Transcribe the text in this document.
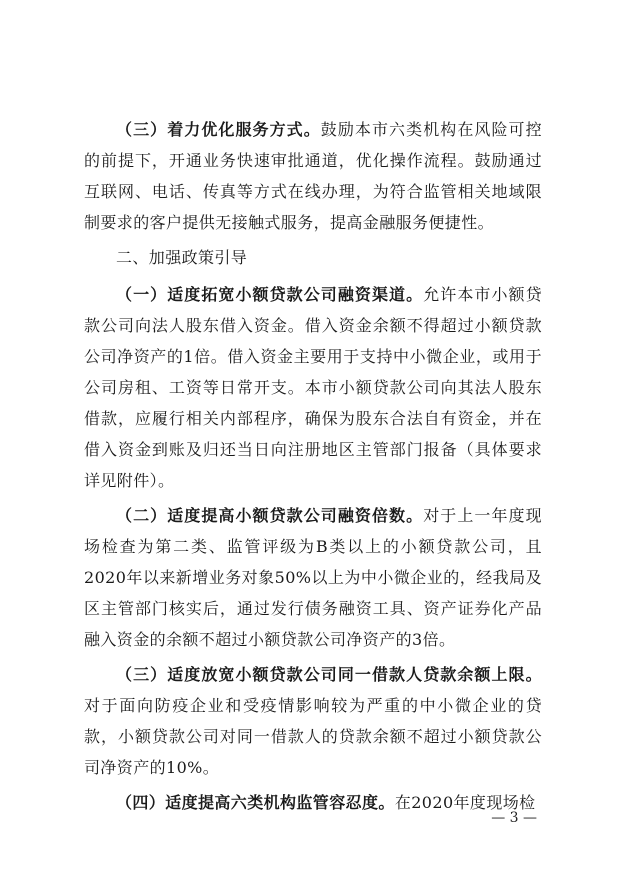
（三）着力优化服务方式。鼓励本市六类机构在风险可控的前提下，开通业务快速审批通道，优化操作流程。鼓励通过互联网、电话、传真等方式在线办理，为符合监管相关地域限制要求的客户提供无接触式服务，提高金融服务便捷性。

二、加强政策引导

（一）适度拓宽小额贷款公司融资渠道。允许本市小额贷款公司向法人股东借入资金。借入资金余额不得超过小额贷款公司净资产的1倍。借入资金主要用于支持中小微企业，或用于公司房租、工资等日常开支。本市小额贷款公司向其法人股东借款，应履行相关内部程序，确保为股东合法自有资金，并在借入资金到账及归还当日向注册地区主管部门报备（具体要求详见附件）。

（二）适度提高小额贷款公司融资倍数。对于上一年度现场检查为第二类、监管评级为B类以上的小额贷款公司，且2020年以来新增业务对象50%以上为中小微企业的，经我局及区主管部门核实后，通过发行债务融资工具、资产证券化产品融入资金的余额不超过小额贷款公司净资产的3倍。

（三）适度放宽小额贷款公司同一借款人贷款余额上限。对于面向防疫企业和受疫情影响较为严重的中小微企业的贷款，小额贷款公司对同一借款人的贷款余额不超过小额贷款公司净资产的10%。

（四）适度提高六类机构监管容忍度。在2020年度现场检

— 3 —
